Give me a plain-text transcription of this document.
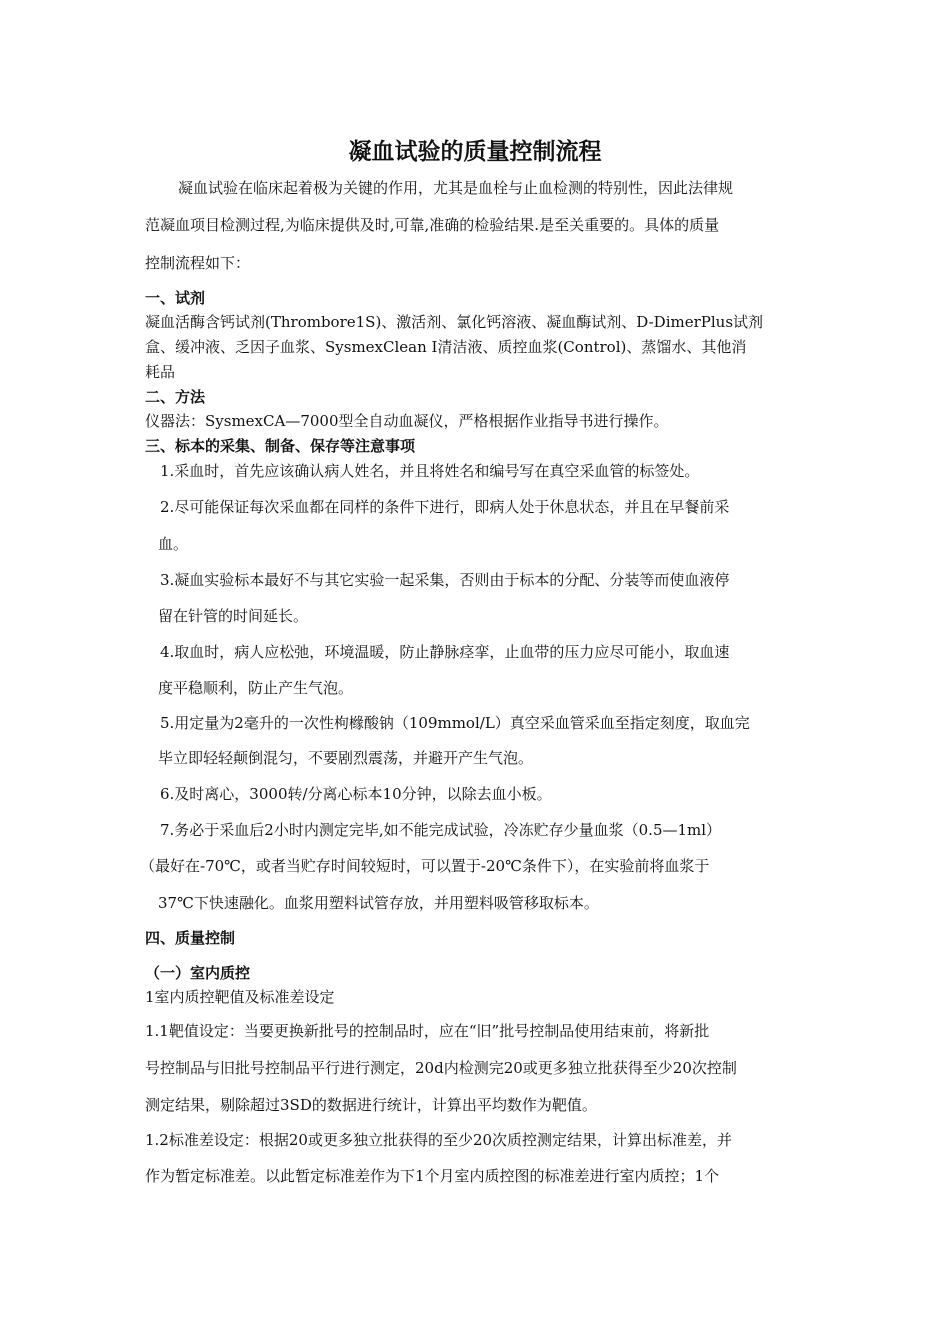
凝血试验的质量控制流程
凝血试验在临床起着极为关键的作用，尤其是血栓与止血检测的特别性，因此法律规
范凝血项目检测过程,为临床提供及时,可靠,准确的检验结果.是至关重要的。具体的质量
控制流程如下：
一、试剂
凝血活酶含钙试剂(Thrombore1S)、激活剂、氯化钙溶液、凝血酶试剂、D-DimerPlus试剂
盒、缓冲液、乏因子血浆、SysmexClean I清洁液、质控血浆(Control)、蒸馏水、其他消
耗品
二、方法
仪器法：SysmexCA—7000型全自动血凝仪，严格根据作业指导书进行操作。
三、标本的采集、制备、保存等注意事项
1.采血时，首先应该确认病人姓名，并且将姓名和编号写在真空采血管的标签处。
2.尽可能保证每次采血都在同样的条件下进行，即病人处于休息状态，并且在早餐前采
血。
3.凝血实验标本最好不与其它实验一起采集，否则由于标本的分配、分装等而使血液停
留在针管的时间延长。
4.取血时，病人应松弛，环境温暖，防止静脉痉挛，止血带的压力应尽可能小，取血速
度平稳顺利，防止产生气泡。
5.用定量为2毫升的一次性枸橼酸钠（109mmol/L）真空采血管采血至指定刻度，取血完
毕立即轻轻颠倒混匀，不要剧烈震荡，并避开产生气泡。
6.及时离心，3000转/分离心标本10分钟，以除去血小板。
7.务必于采血后2小时内测定完毕,如不能完成试验，冷冻贮存少量血浆（0.5—1ml）
（最好在-70℃，或者当贮存时间较短时，可以置于-20℃条件下），在实验前将血浆于
37℃下快速融化。血浆用塑料试管存放，并用塑料吸管移取标本。
四、质量控制
（一）室内质控
1室内质控靶值及标准差设定
1.1靶值设定：当要更换新批号的控制品时，应在“旧”批号控制品使用结束前，将新批
号控制品与旧批号控制品平行进行测定，20d内检测完20或更多独立批获得至少20次控制
测定结果，剔除超过3SD的数据进行统计，计算出平均数作为靶值。
1.2标准差设定：根据20或更多独立批获得的至少20次质控测定结果，计算出标准差，并
作为暂定标准差。以此暂定标准差作为下1个月室内质控图的标准差进行室内质控；1个
